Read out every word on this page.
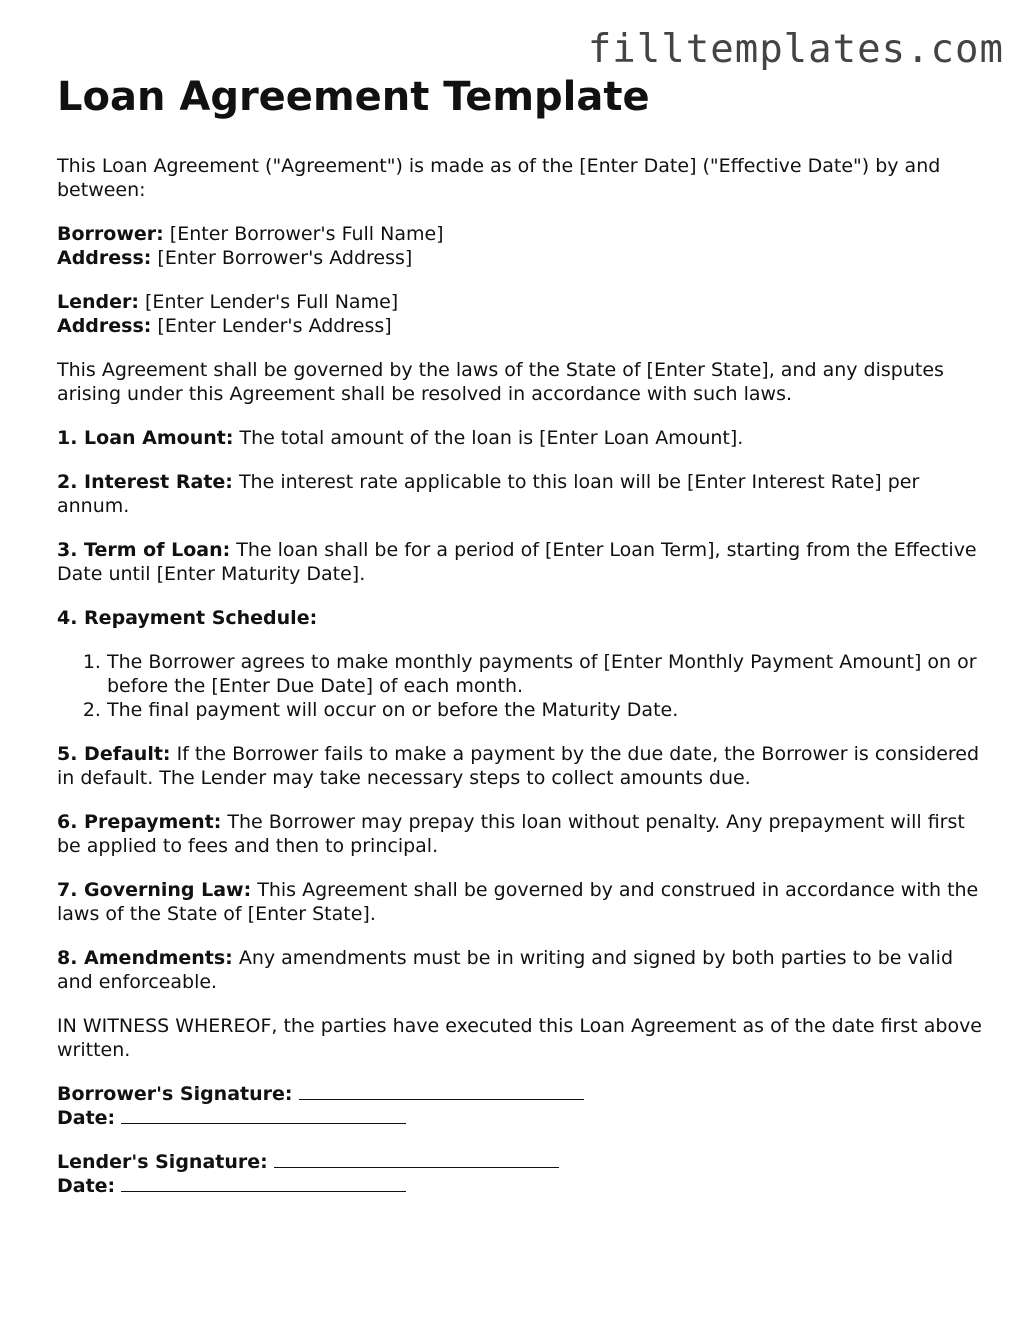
filltemplates.com
Loan Agreement Template

This Loan Agreement ("Agreement") is made as of the [Enter Date] ("Effective Date") by and between:

Borrower: [Enter Borrower's Full Name]
Address: [Enter Borrower's Address]
Lender: [Enter Lender's Full Name]
Address: [Enter Lender's Address]

This Agreement shall be governed by the laws of the State of [Enter State], and any disputes arising under this Agreement shall be resolved in accordance with such laws.

1. Loan Amount: The total amount of the loan is [Enter Loan Amount].

2. Interest Rate: The interest rate applicable to this loan will be [Enter Interest Rate] per annum.

3. Term of Loan: The loan shall be for a period of [Enter Loan Term], starting from the Effective Date until [Enter Maturity Date].

4. Repayment Schedule:

1. The Borrower agrees to make monthly payments of [Enter Monthly Payment Amount] on or before the [Enter Due Date] of each month.
2. The final payment will occur on or before the Maturity Date.

5. Default: If the Borrower fails to make a payment by the due date, the Borrower is considered in default. The Lender may take necessary steps to collect amounts due.

6. Prepayment: The Borrower may prepay this loan without penalty. Any prepayment will first be applied to fees and then to principal.

7. Governing Law: This Agreement shall be governed by and construed in accordance with the laws of the State of [Enter State].

8. Amendments: Any amendments must be in writing and signed by both parties to be valid and enforceable.

IN WITNESS WHEREOF, the parties have executed this Loan Agreement as of the date first above written.

Borrower's Signature:
Date:
Lender's Signature:
Date:
